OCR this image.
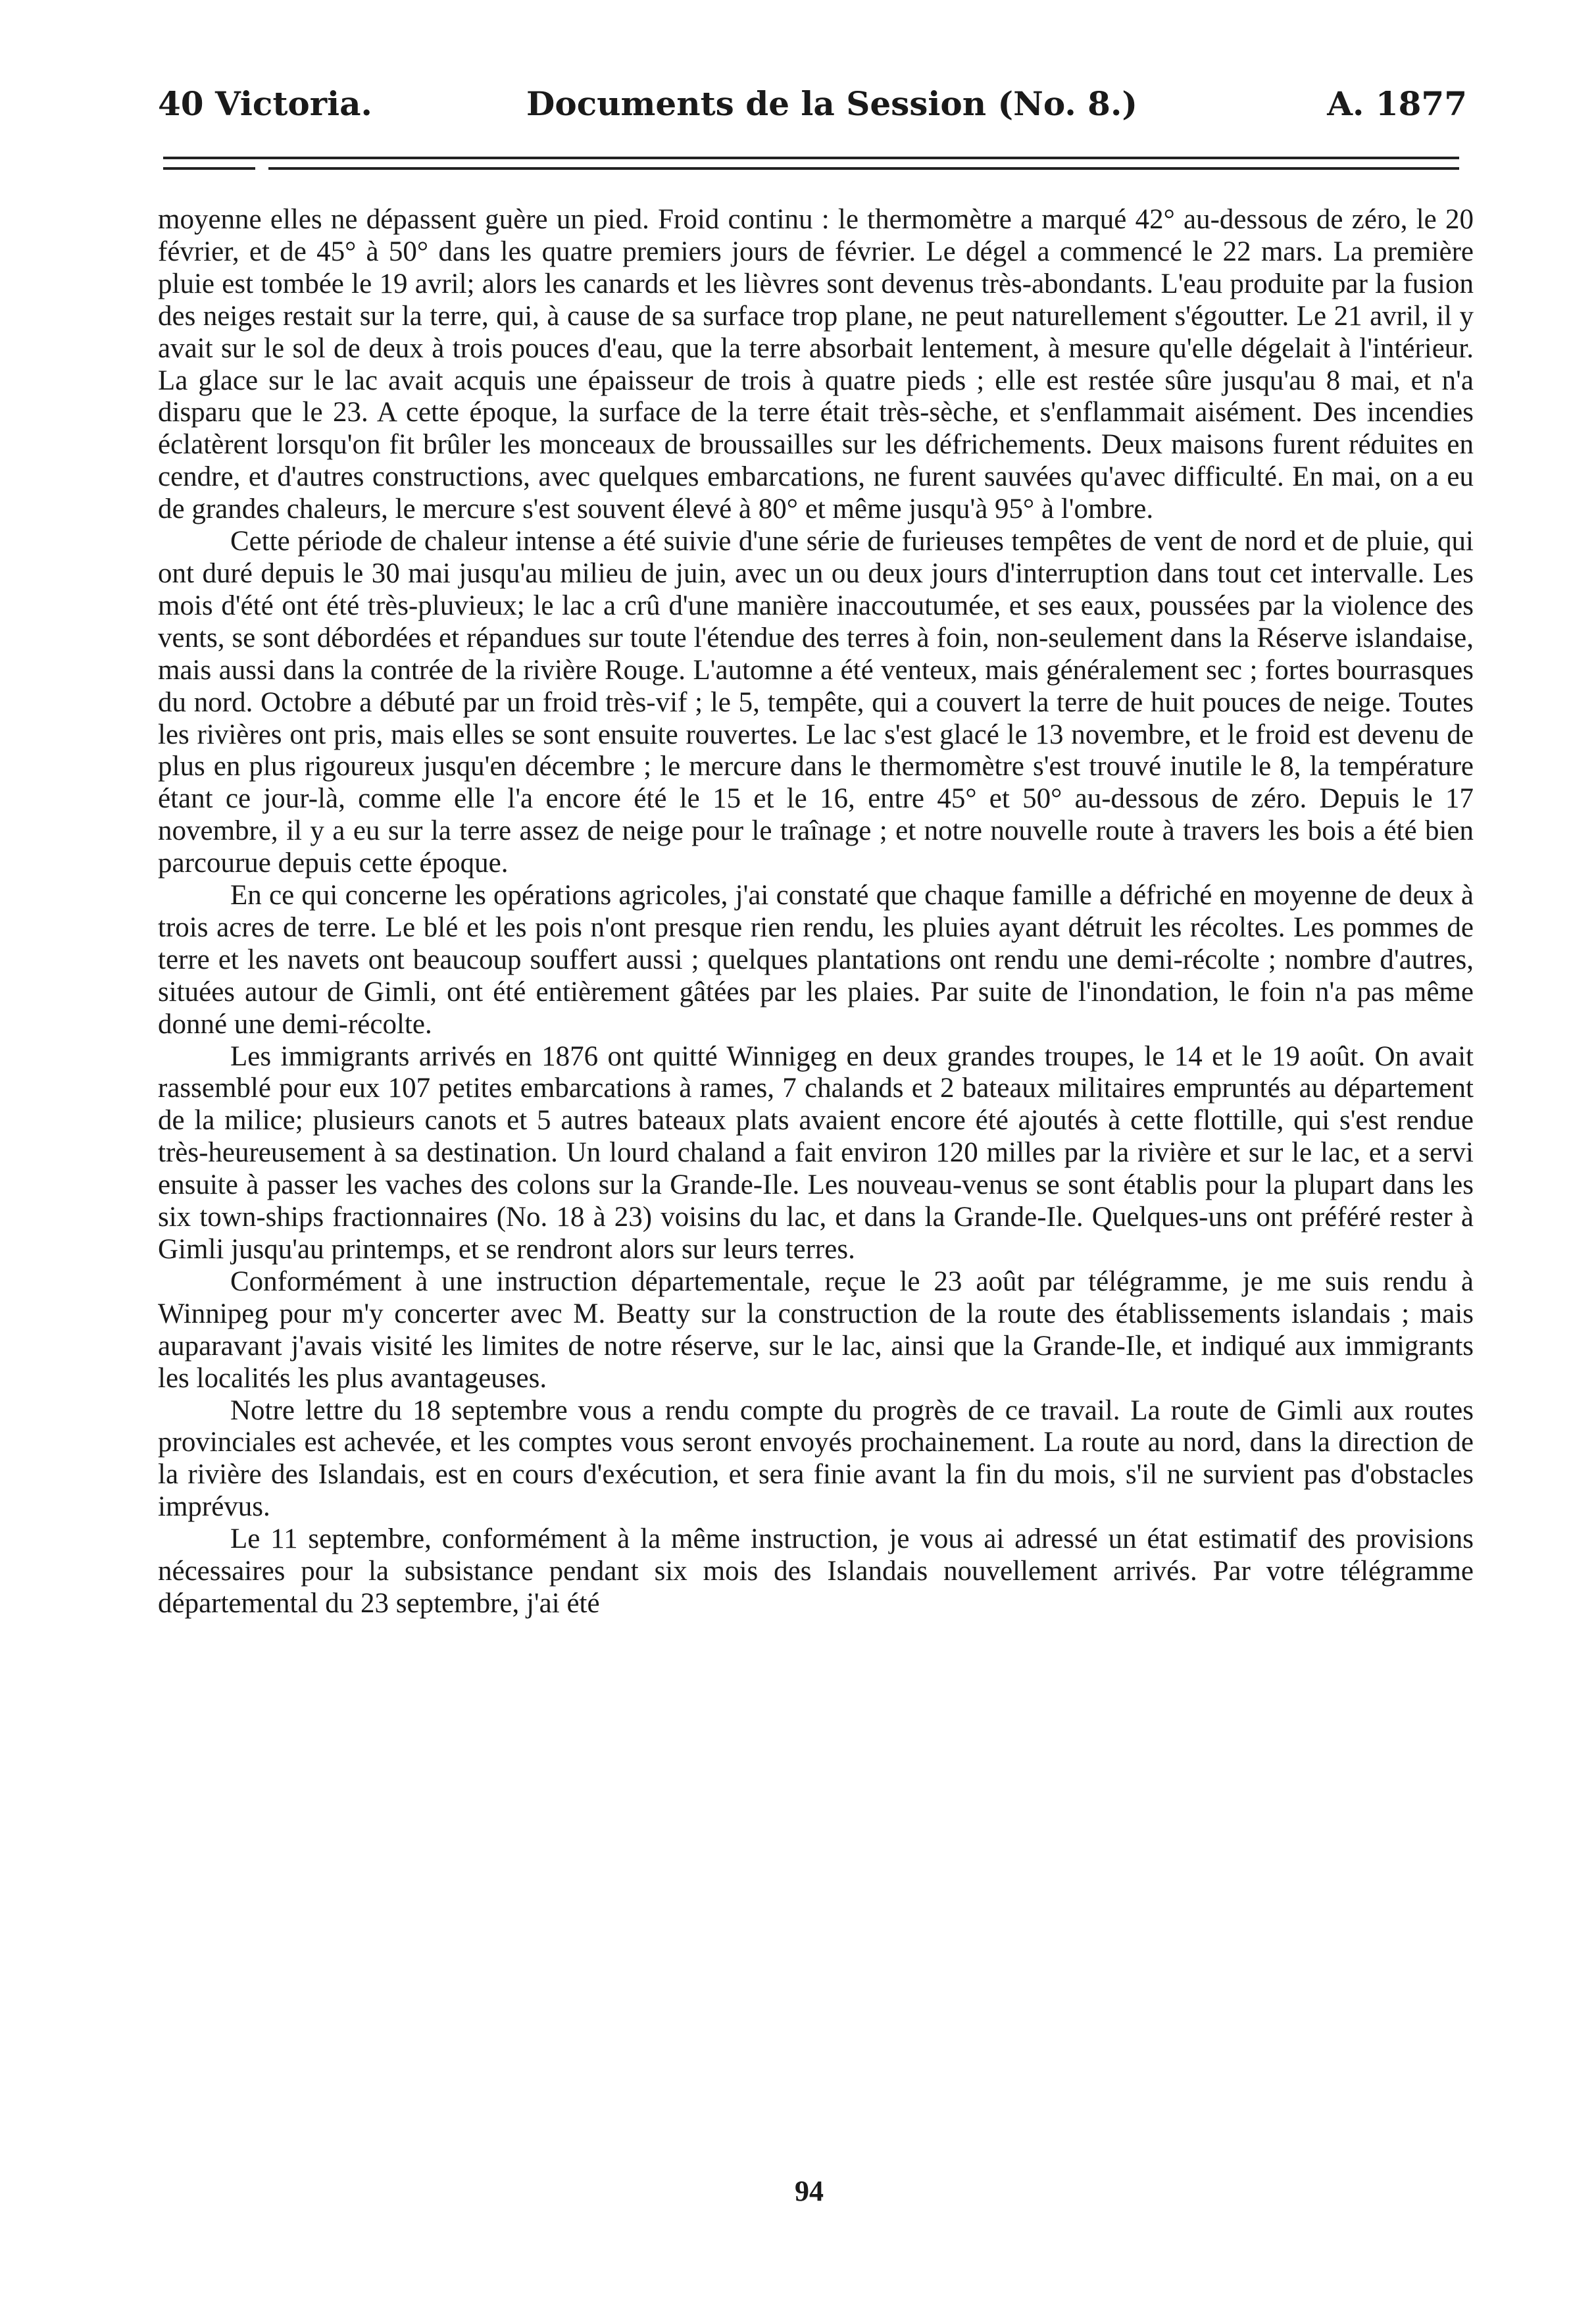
40 Victoria.	Documents de la Session (No. 8.)	A. 1877

moyenne elles ne dépassent guère un pied. Froid continu : le thermomètre a marqué 42° au-dessous de zéro, le 20 février, et de 45° à 50° dans les quatre premiers jours de février. Le dégel a commencé le 22 mars. La première pluie est tombée le 19 avril; alors les canards et les lièvres sont devenus très-abondants. L'eau produite par la fusion des neiges restait sur la terre, qui, à cause de sa surface trop plane, ne peut naturellement s'égoutter. Le 21 avril, il y avait sur le sol de deux à trois pouces d'eau, que la terre absorbait lentement, à mesure qu'elle dégelait à l'intérieur. La glace sur le lac avait acquis une épaisseur de trois à quatre pieds ; elle est restée sûre jusqu'au 8 mai, et n'a disparu que le 23. A cette époque, la surface de la terre était très-sèche, et s'enflammait aisément. Des incendies éclatèrent lorsqu'on fit brûler les monceaux de broussailles sur les défrichements. Deux maisons furent réduites en cendre, et d'autres constructions, avec quelques embarcations, ne furent sauvées qu'avec difficulté. En mai, on a eu de grandes chaleurs, le mercure s'est souvent élevé à 80° et même jusqu'à 95° à l'ombre.

Cette période de chaleur intense a été suivie d'une série de furieuses tempêtes de vent de nord et de pluie, qui ont duré depuis le 30 mai jusqu'au milieu de juin, avec un ou deux jours d'interruption dans tout cet intervalle. Les mois d'été ont été très-pluvieux; le lac a crû d'une manière inaccoutumée, et ses eaux, poussées par la violence des vents, se sont débordées et répandues sur toute l'étendue des terres à foin, non-seulement dans la Réserve islandaise, mais aussi dans la contrée de la rivière Rouge. L'automne a été venteux, mais généralement sec ; fortes bourrasques du nord. Octobre a débuté par un froid très-vif ; le 5, tempête, qui a couvert la terre de huit pouces de neige. Toutes les rivières ont pris, mais elles se sont ensuite rouvertes. Le lac s'est glacé le 13 novembre, et le froid est devenu de plus en plus rigoureux jusqu'en décembre ; le mercure dans le thermomètre s'est trouvé inutile le 8, la température étant ce jour-là, comme elle l'a encore été le 15 et le 16, entre 45° et 50° au-dessous de zéro. Depuis le 17 novembre, il y a eu sur la terre assez de neige pour le traînage ; et notre nouvelle route à travers les bois a été bien parcourue depuis cette époque.

En ce qui concerne les opérations agricoles, j'ai constaté que chaque famille a défriché en moyenne de deux à trois acres de terre. Le blé et les pois n'ont presque rien rendu, les pluies ayant détruit les récoltes. Les pommes de terre et les navets ont beaucoup souffert aussi ; quelques plantations ont rendu une demi-récolte ; nombre d'autres, situées autour de Gimli, ont été entièrement gâtées par les plaies. Par suite de l'inondation, le foin n'a pas même donné une demi-récolte.

Les immigrants arrivés en 1876 ont quitté Winnigeg en deux grandes troupes, le 14 et le 19 août. On avait rassemblé pour eux 107 petites embarcations à rames, 7 chalands et 2 bateaux militaires empruntés au département de la milice; plusieurs canots et 5 autres bateaux plats avaient encore été ajoutés à cette flottille, qui s'est rendue très-heureusement à sa destination. Un lourd chaland a fait environ 120 milles par la rivière et sur le lac, et a servi ensuite à passer les vaches des colons sur la Grande-Ile. Les nouveau-venus se sont établis pour la plupart dans les six town-ships fractionnaires (No. 18 à 23) voisins du lac, et dans la Grande-Ile. Quelques-uns ont préféré rester à Gimli jusqu'au printemps, et se rendront alors sur leurs terres.

Conformément à une instruction départementale, reçue le 23 août par télégramme, je me suis rendu à Winnipeg pour m'y concerter avec M. Beatty sur la construction de la route des établissements islandais ; mais auparavant j'avais visité les limites de notre réserve, sur le lac, ainsi que la Grande-Ile, et indiqué aux immigrants les localités les plus avantageuses.

Notre lettre du 18 septembre vous a rendu compte du progrès de ce travail. La route de Gimli aux routes provinciales est achevée, et les comptes vous seront envoyés prochainement. La route au nord, dans la direction de la rivière des Islandais, est en cours d'exécution, et sera finie avant la fin du mois, s'il ne survient pas d'obstacles imprévus.

Le 11 septembre, conformément à la même instruction, je vous ai adressé un état estimatif des provisions nécessaires pour la subsistance pendant six mois des Islandais nouvellement arrivés. Par votre télégramme départemental du 23 septembre, j'ai été

94
